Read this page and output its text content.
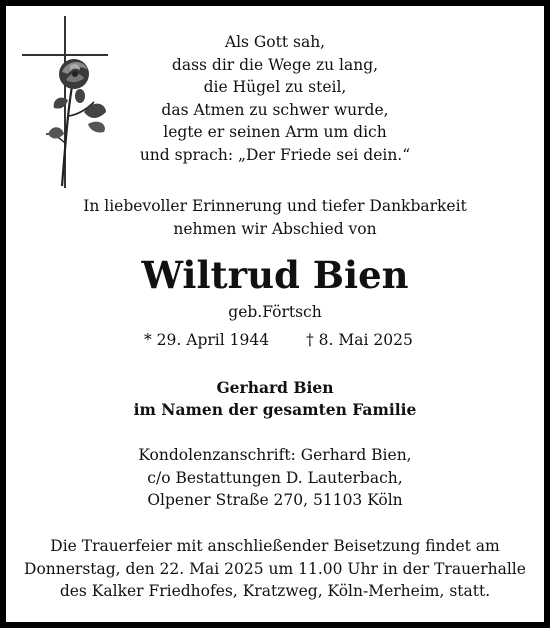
Als Gott sah,
dass dir die Wege zu lang,
die Hügel zu steil,
das Atmen zu schwer wurde,
legte er seinen Arm um dich
und sprach: „Der Friede sei dein.“
In liebevoller Erinnerung und tiefer Dankbarkeit
nehmen wir Abschied von
Wiltrud Bien
geb.Förtsch
* 29. April 1944 † 8. Mai 2025
Gerhard Bien
im Namen der gesamten Familie
Kondolenzanschrift: Gerhard Bien,
c/o Bestattungen D. Lauterbach,
Olpener Straße 270, 51103 Köln
Die Trauerfeier mit anschließender Beisetzung findet am
Donnerstag, den 22. Mai 2025 um 11.00 Uhr in der Trauerhalle
des Kalker Friedhofes, Kratzweg, Köln-Merheim, statt.
